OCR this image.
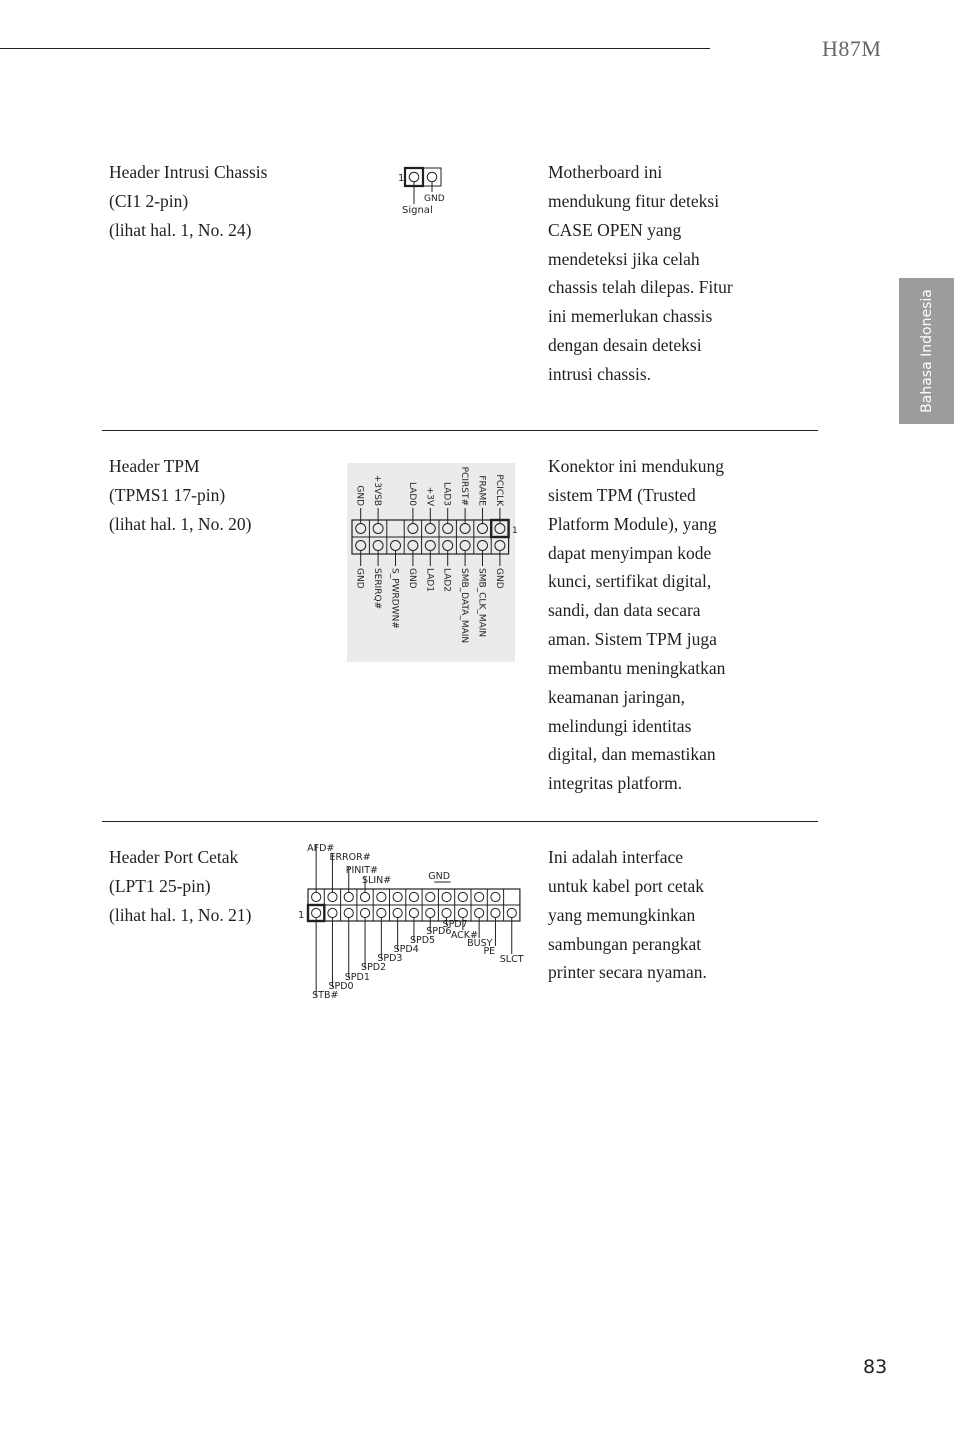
H87M
Bahasa Indonesia
Header Intrusi Chassis
(CI1 2-pin)
(lihat hal. 1, No. 24)
1
GND
Signal
Motherboard ini
mendukung fitur deteksi
CASE OPEN yang
mendeteksi jika celah
chassis telah dilepas. Fitur
ini memerlukan chassis
dengan desain deteksi
intrusi chassis.
Header TPM
(TPMS1 17-pin)
(lihat hal. 1, No. 20)	1
GND
GND
+3VSB
SERIRQ# S_PWRDWN#
LAD0
GND
+3V
LAD1
LAD3
LAD2
PCIRST#
SMB_DATA_MAIN
FRAME
SMB_CLK_MAIN
PCICLK
GND
Konektor ini mendukung
sistem TPM (Trusted
Platform Module), yang
dapat menyimpan kode
kunci, sertifikat digital,
sandi, dan data secara
aman. Sistem TPM juga
membantu meningkatkan
keamanan jaringan,
melindungi identitas
digital, dan memastikan
integritas platform.
Header Port Cetak
(LPT1 25-pin)
(lihat hal. 1, No. 21)	1
AFD#
ERROR#
PINIT#
SLIN#	GND
STB#
SPD0
SPD1
SPD2
SPD3
SPD4
SPD5
SPD6
SPD7
ACK#
BUSY
PE
SLCT
Ini adalah interface
untuk kabel port cetak
yang memungkinkan
sambungan perangkat
printer secara nyaman.
83
